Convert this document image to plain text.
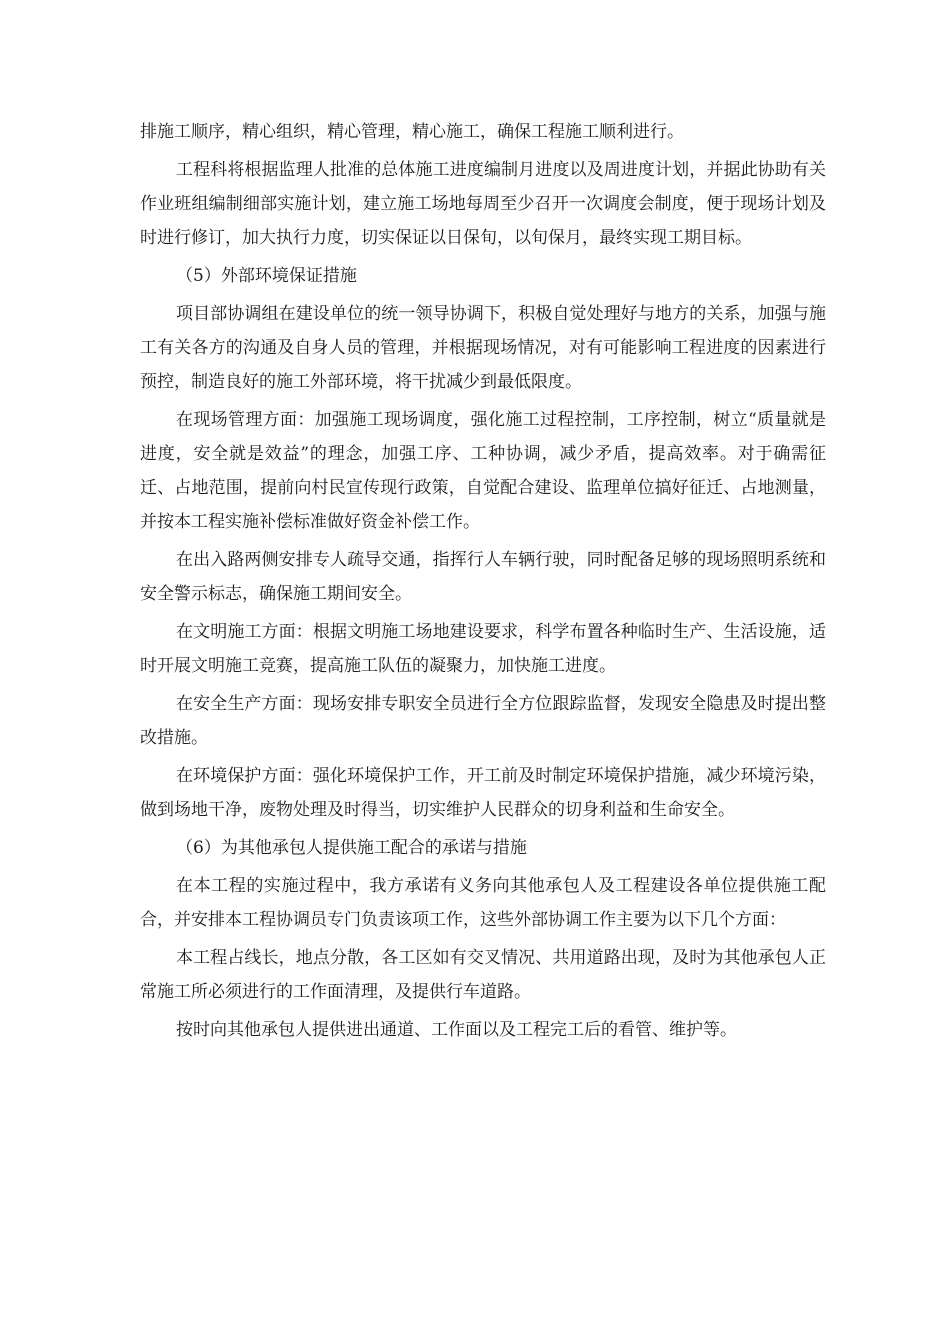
排施工顺序，精心组织，精心管理，精心施工，确保工程施工顺利进行。

工程科将根据监理人批准的总体施工进度编制月进度以及周进度计划，并据此协助有关作业班组编制细部实施计划，建立施工场地每周至少召开一次调度会制度，便于现场计划及时进行修订，加大执行力度，切实保证以日保旬，以旬保月，最终实现工期目标。

（5）外部环境保证措施

项目部协调组在建设单位的统一领导协调下，积极自觉处理好与地方的关系，加强与施工有关各方的沟通及自身人员的管理，并根据现场情况，对有可能影响工程进度的因素进行预控，制造良好的施工外部环境，将干扰减少到最低限度。

在现场管理方面：加强施工现场调度，强化施工过程控制，工序控制，树立“质量就是进度，安全就是效益”的理念，加强工序、工种协调，减少矛盾，提高效率。对于确需征迁、占地范围，提前向村民宣传现行政策，自觉配合建设、监理单位搞好征迁、占地测量，并按本工程实施补偿标准做好资金补偿工作。

在出入路两侧安排专人疏导交通，指挥行人车辆行驶，同时配备足够的现场照明系统和安全警示标志，确保施工期间安全。

在文明施工方面：根据文明施工场地建设要求，科学布置各种临时生产、生活设施，适时开展文明施工竞赛，提高施工队伍的凝聚力，加快施工进度。

在安全生产方面：现场安排专职安全员进行全方位跟踪监督，发现安全隐患及时提出整改措施。

在环境保护方面：强化环境保护工作，开工前及时制定环境保护措施，减少环境污染，做到场地干净，废物处理及时得当，切实维护人民群众的切身利益和生命安全。

（6）为其他承包人提供施工配合的承诺与措施

在本工程的实施过程中，我方承诺有义务向其他承包人及工程建设各单位提供施工配合，并安排本工程协调员专门负责该项工作，这些外部协调工作主要为以下几个方面：

本工程占线长，地点分散，各工区如有交叉情况、共用道路出现，及时为其他承包人正常施工所必须进行的工作面清理，及提供行车道路。

按时向其他承包人提供进出通道、工作面以及工程完工后的看管、维护等。
